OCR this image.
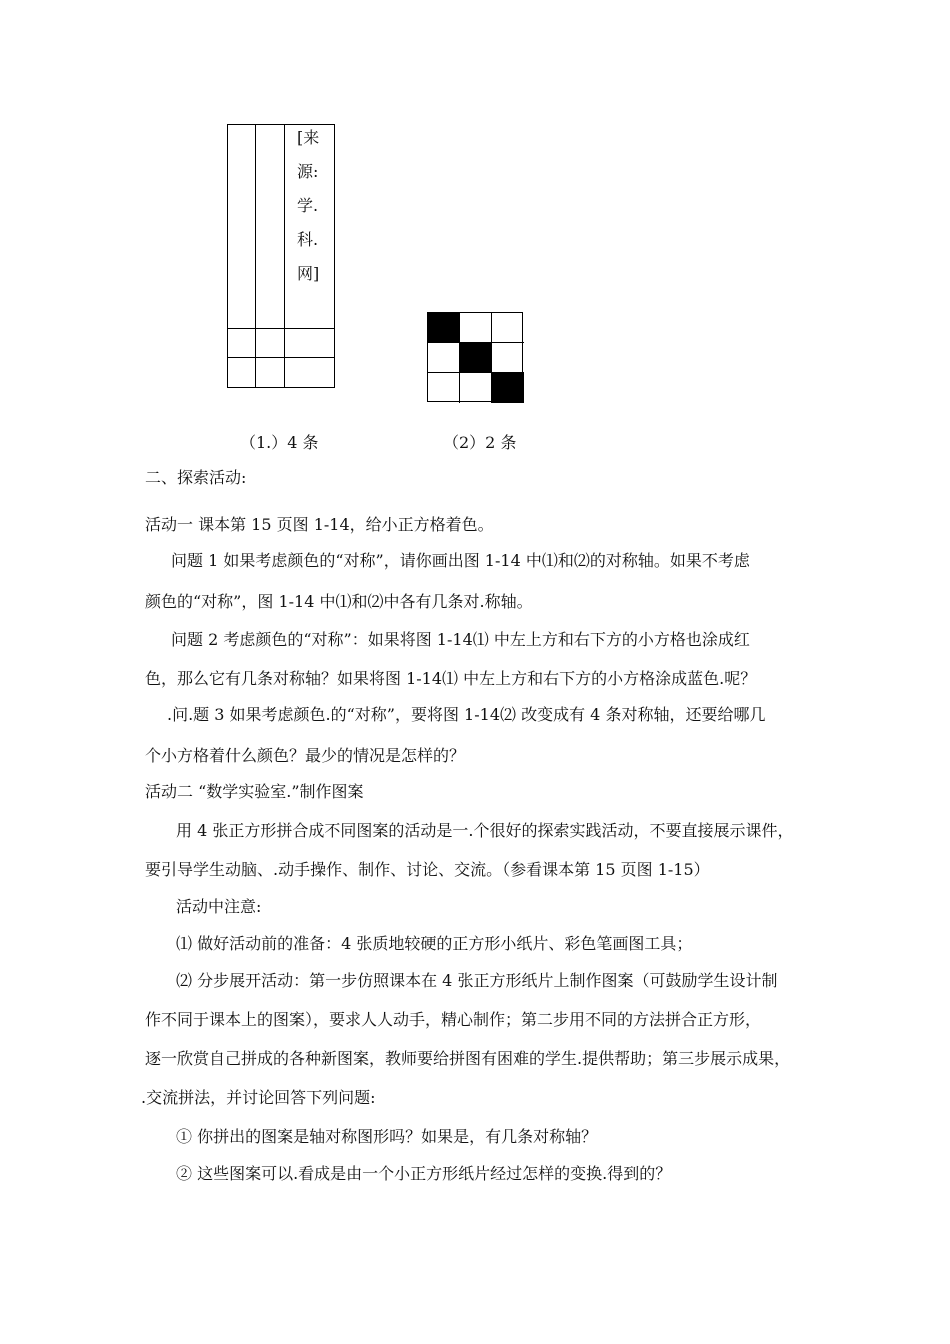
[来
源:
学.
科.
网]
（1.）4 条	（2）2 条
二、探索活动:
活动一 课本第 15 页图 1-14，给小正方格着色。
问题 1 如果考虑颜色的“对称”，请你画出图 1-14 中⑴和⑵的对称轴。如果不考虑
颜色的“对称”，图 1-14 中⑴和⑵中各有几条对.称轴。
问题 2 考虑颜色的“对称”：如果将图 1-14⑴ 中左上方和右下方的小方格也涂成红
色，那么它有几条对称轴？如果将图 1-14⑴ 中左上方和右下方的小方格涂成蓝色.呢？
.问.题 3 如果考虑颜色.的“对称”，要将图 1-14⑵ 改变成有 4 条对称轴，还要给哪几
个小方格着什么颜色？最少的情况是怎样的？
活动二 “数学实验室.”制作图案
用 4 张正方形拼合成不同图案的活动是一.个很好的探索实践活动，不要直接展示课件，
要引导学生动脑、.动手操作、制作、讨论、交流。（参看课本第 15 页图 1-15）
活动中注意:
⑴ 做好活动前的准备：4 张质地较硬的正方形小纸片、彩色笔画图工具；
⑵ 分步展开活动：第一步仿照课本在 4 张正方形纸片上制作图案（可鼓励学生设计制
作不同于课本上的图案），要求人人动手，精心制作；第二步用不同的方法拼合正方形，
逐一欣赏自己拼成的各种新图案，教师要给拼图有困难的学生.提供帮助；第三步展示成果，
.交流拼法，并讨论回答下列问题:
① 你拼出的图案是轴对称图形吗？如果是，有几条对称轴？
② 这些图案可以.看成是由一个小正方形纸片经过怎样的变换.得到的？
